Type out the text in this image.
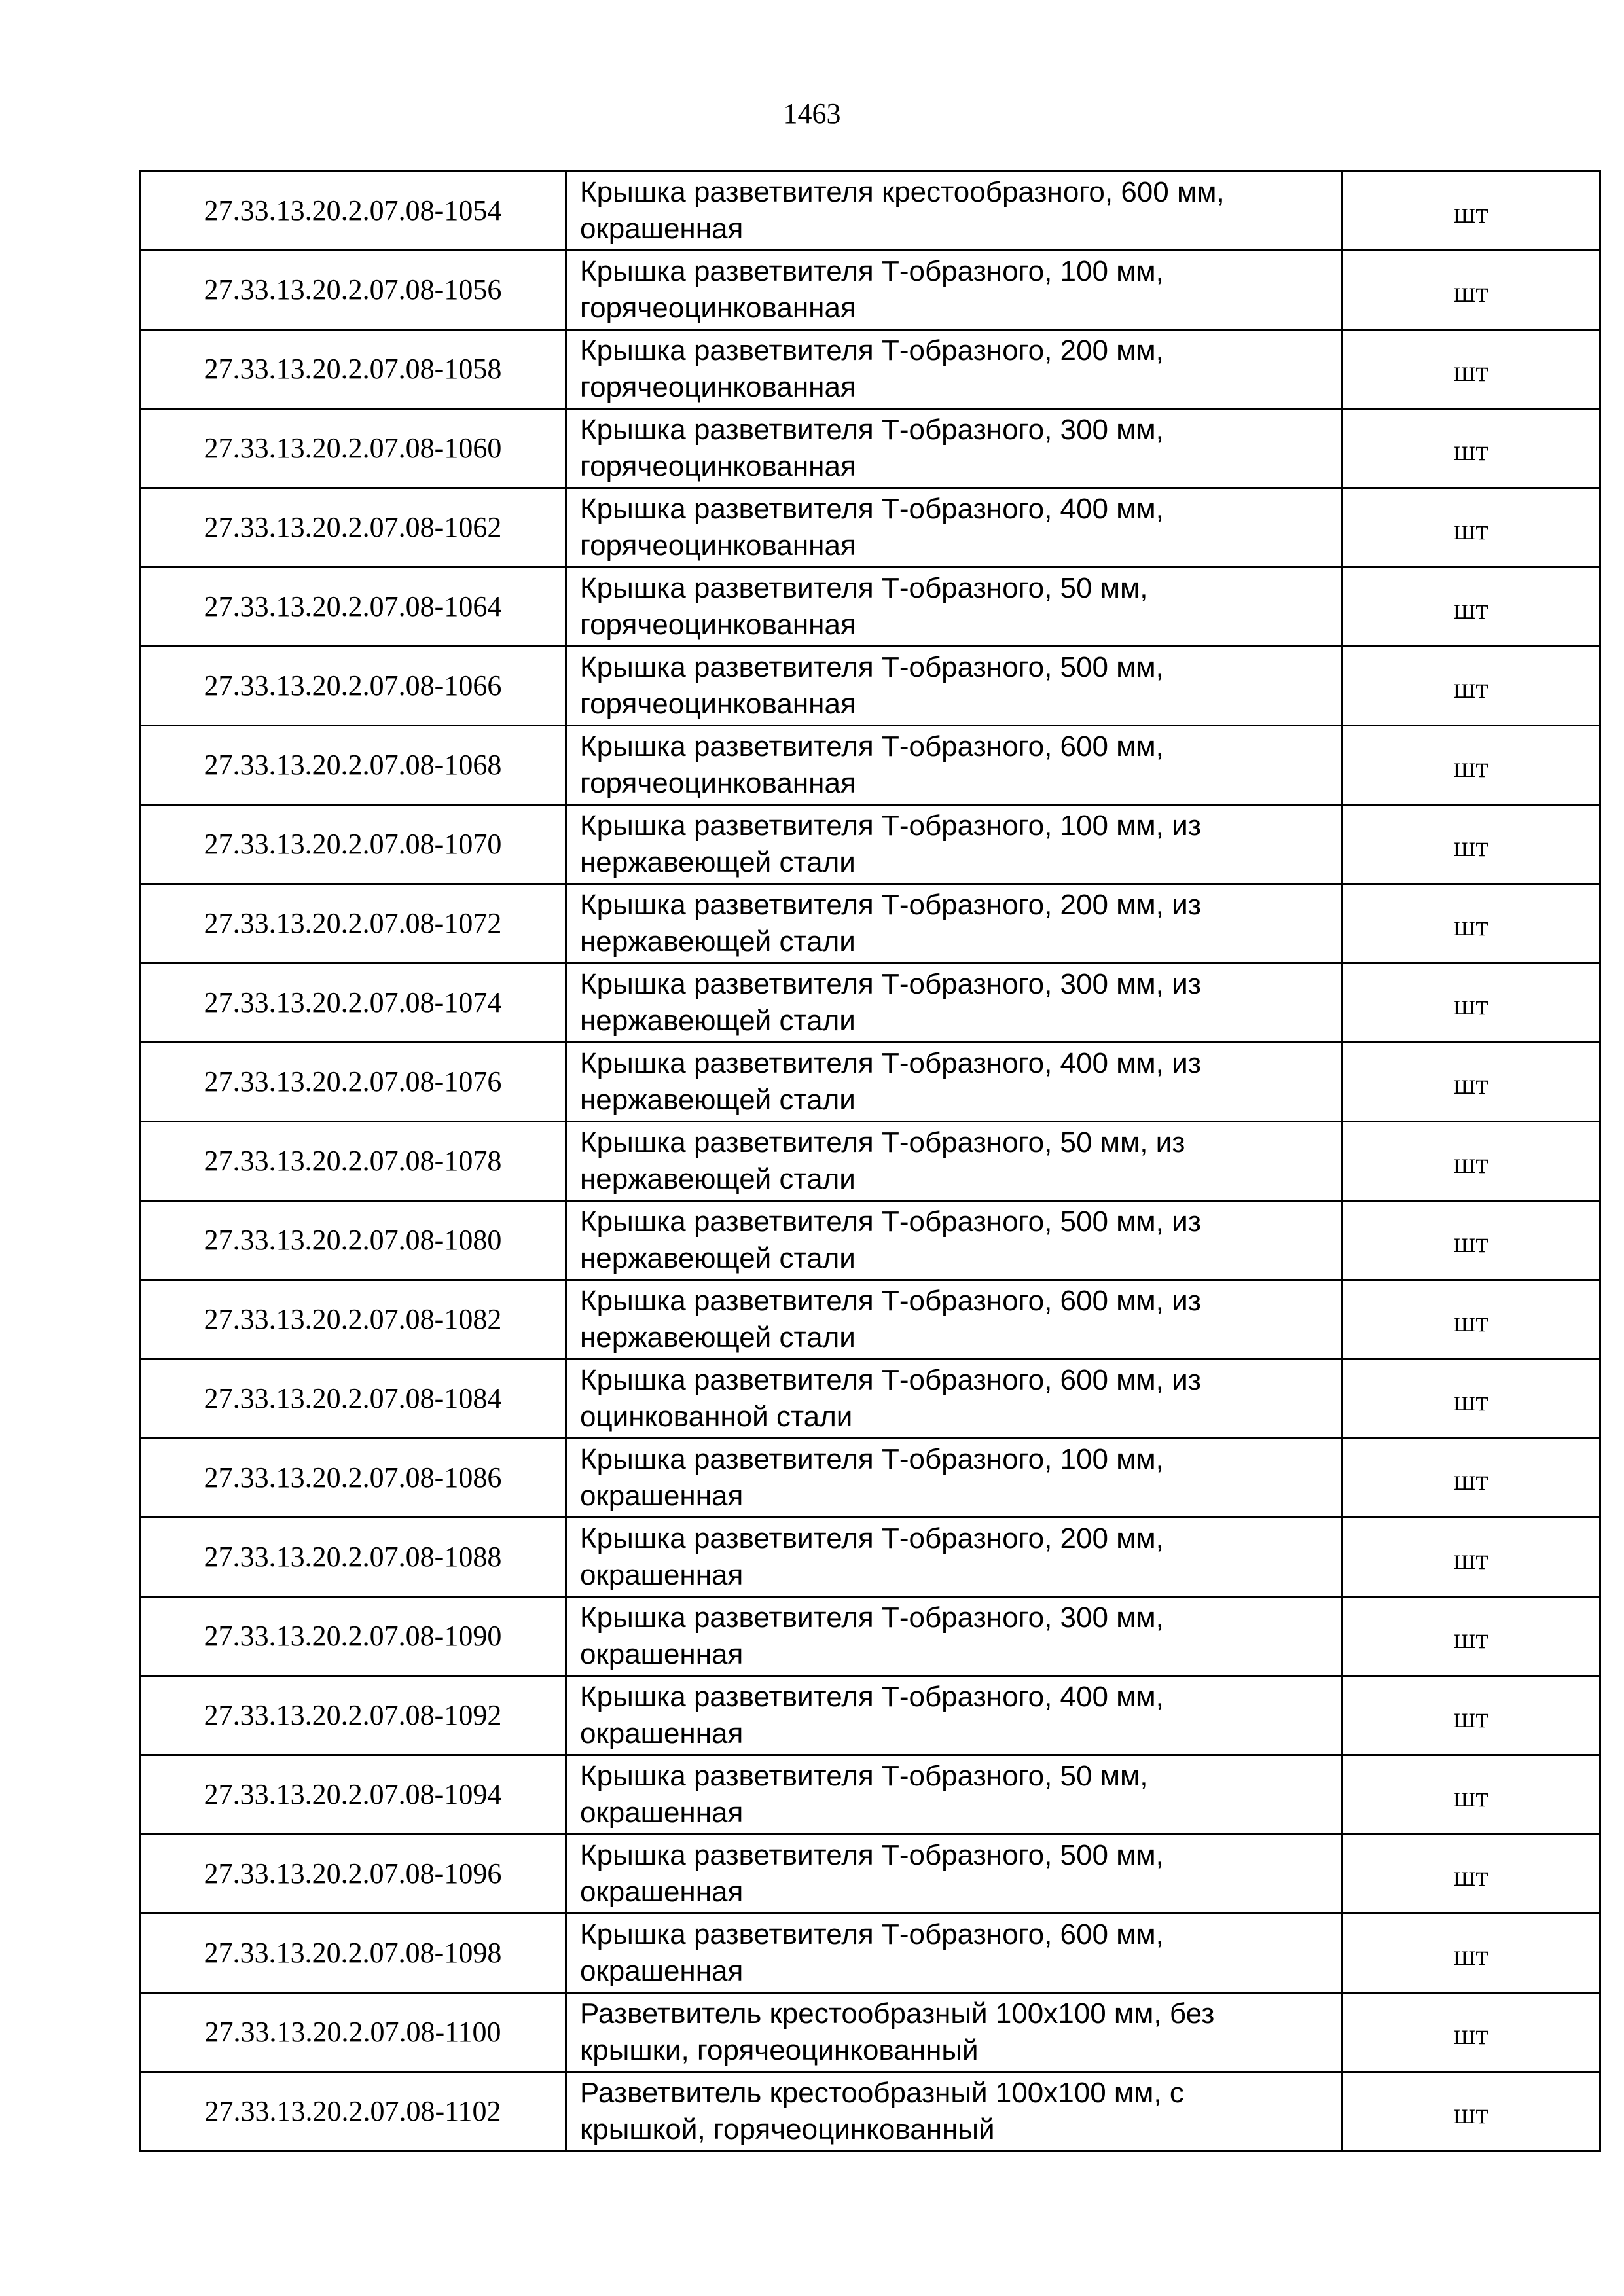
1463
27.33.13.20.2.07.08-1054	Крышка разветвителя крестообразного, 600 мм,
окрашенная	шт
27.33.13.20.2.07.08-1056	Крышка разветвителя Т-образного, 100 мм,
горячеоцинкованная	шт
27.33.13.20.2.07.08-1058	Крышка разветвителя Т-образного, 200 мм,
горячеоцинкованная	шт
27.33.13.20.2.07.08-1060	Крышка разветвителя Т-образного, 300 мм,
горячеоцинкованная	шт
27.33.13.20.2.07.08-1062	Крышка разветвителя Т-образного, 400 мм,
горячеоцинкованная	шт
27.33.13.20.2.07.08-1064	Крышка разветвителя Т-образного, 50 мм,
горячеоцинкованная	шт
27.33.13.20.2.07.08-1066	Крышка разветвителя Т-образного, 500 мм,
горячеоцинкованная	шт
27.33.13.20.2.07.08-1068	Крышка разветвителя Т-образного, 600 мм,
горячеоцинкованная	шт
27.33.13.20.2.07.08-1070	Крышка разветвителя Т-образного, 100 мм, из
нержавеющей стали	шт
27.33.13.20.2.07.08-1072	Крышка разветвителя Т-образного, 200 мм, из
нержавеющей стали	шт
27.33.13.20.2.07.08-1074	Крышка разветвителя Т-образного, 300 мм, из
нержавеющей стали	шт
27.33.13.20.2.07.08-1076	Крышка разветвителя Т-образного, 400 мм, из
нержавеющей стали	шт
27.33.13.20.2.07.08-1078	Крышка разветвителя Т-образного, 50 мм, из
нержавеющей стали	шт
27.33.13.20.2.07.08-1080	Крышка разветвителя Т-образного, 500 мм, из
нержавеющей стали	шт
27.33.13.20.2.07.08-1082	Крышка разветвителя Т-образного, 600 мм, из
нержавеющей стали	шт
27.33.13.20.2.07.08-1084	Крышка разветвителя Т-образного, 600 мм, из
оцинкованной стали	шт
27.33.13.20.2.07.08-1086	Крышка разветвителя Т-образного, 100 мм,
окрашенная	шт
27.33.13.20.2.07.08-1088	Крышка разветвителя Т-образного, 200 мм,
окрашенная	шт
27.33.13.20.2.07.08-1090	Крышка разветвителя Т-образного, 300 мм,
окрашенная	шт
27.33.13.20.2.07.08-1092	Крышка разветвителя Т-образного, 400 мм,
окрашенная	шт
27.33.13.20.2.07.08-1094	Крышка разветвителя Т-образного, 50 мм,
окрашенная	шт
27.33.13.20.2.07.08-1096	Крышка разветвителя Т-образного, 500 мм,
окрашенная	шт
27.33.13.20.2.07.08-1098	Крышка разветвителя Т-образного, 600 мм,
окрашенная	шт
27.33.13.20.2.07.08-1100	Разветвитель крестообразный 100х100 мм, без
крышки, горячеоцинкованный	шт
27.33.13.20.2.07.08-1102	Разветвитель крестообразный 100х100 мм, с
крышкой, горячеоцинкованный	шт
